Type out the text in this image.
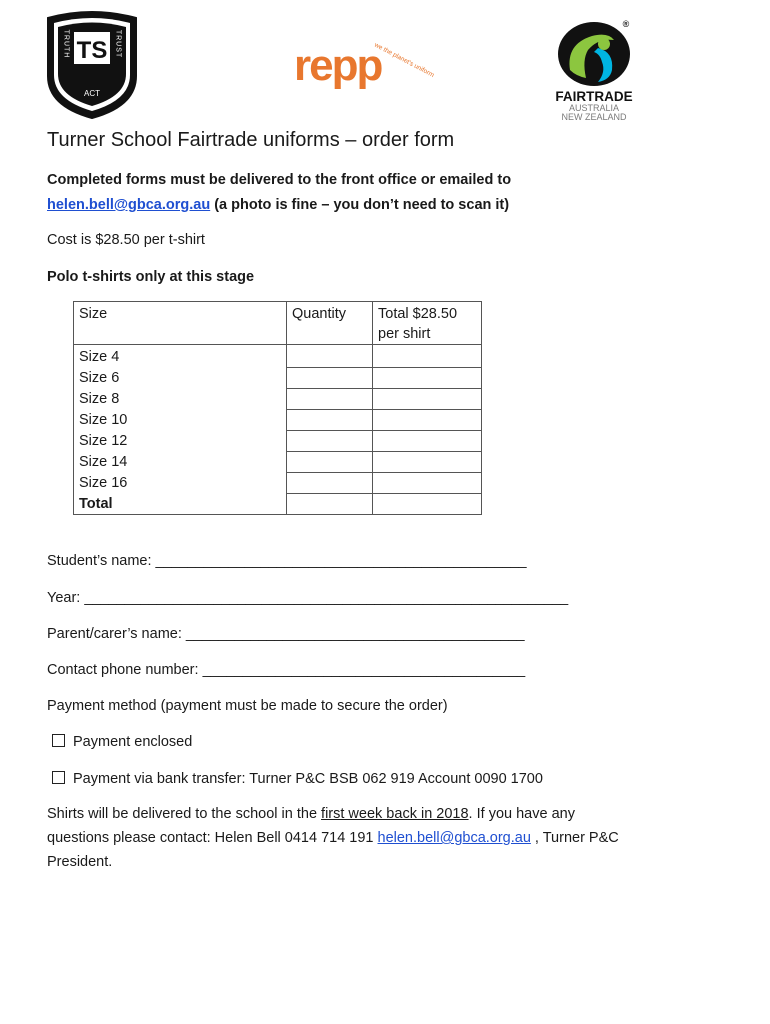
TS
TRUTH	TRUST
ACT
repp
we the planet's uniform
®
FAIRTRADE
AUSTRALIA
NEW ZEALAND
Turner School Fairtrade uniforms – order form
Completed forms must be delivered to the front office or emailed to
helen.bell@gbca.org.au (a photo is fine – you don’t need to scan it)
Cost is $28.50 per t-shirt
Polo t-shirts only at this stage
Size	Quantity	Total $28.50 per shirt
Size 4		
Size 6		
Size 8		
Size 10		
Size 12		
Size 14		
Size 16		
Total		
Student’s name: ______________________________________________
Year: ____________________________________________________________
Parent/carer’s name: __________________________________________
Contact phone number: ________________________________________
Payment method (payment must be made to secure the order)
Payment enclosed
Payment via bank transfer: Turner P&C BSB 062 919 Account 0090 1700
Shirts will be delivered to the school in the first week back in 2018. If you have any
questions please contact: Helen Bell 0414 714 191 helen.bell@gbca.org.au , Turner P&C
President.
